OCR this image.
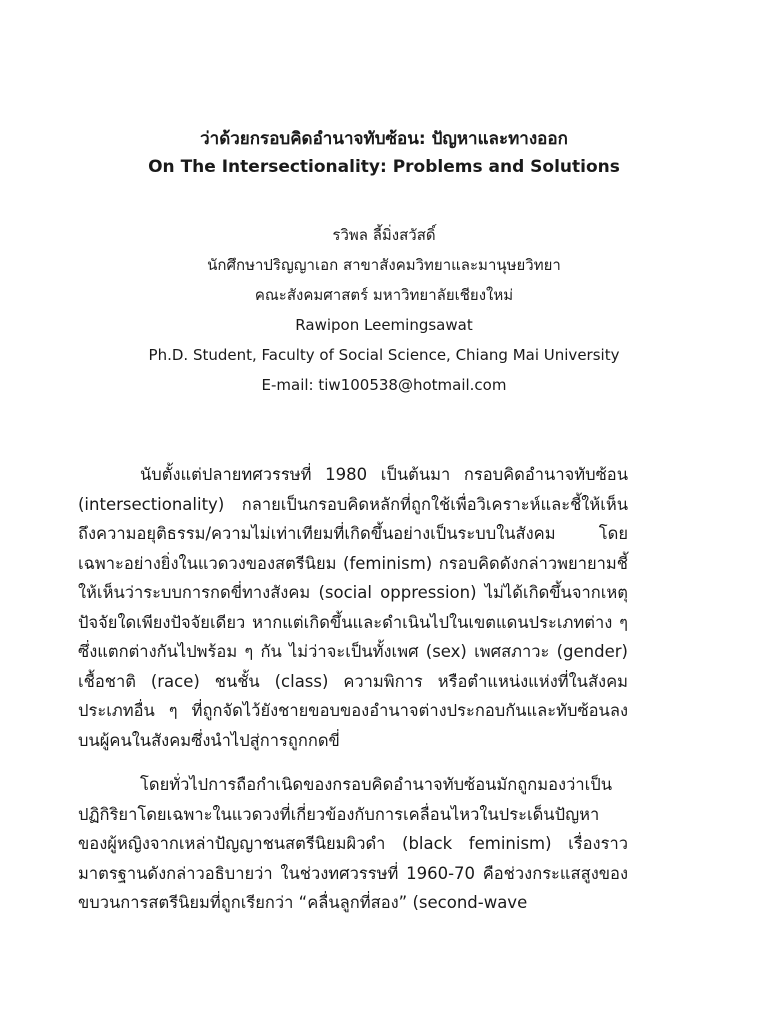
ว่าด้วยกรอบคิดอำนาจทับซ้อน: ปัญหาและทางออก
On The Intersectionality: Problems and Solutions
รวิพล ลี้มิ่งสวัสดิ์
นักศึกษาปริญญาเอก สาขาสังคมวิทยาและมานุษยวิทยา
คณะสังคมศาสตร์ มหาวิทยาลัยเชียงใหม่
Rawipon Leemingsawat
Ph.D. Student, Faculty of Social Science, Chiang Mai University
E-mail: tiw100538@hotmail.com

นับตั้งแต่ปลายทศวรรษที่ 1980 เป็นต้นมา กรอบคิดอำนาจทับซ้อน (intersectionality) กลายเป็นกรอบคิดหลักที่ถูกใช้เพื่อวิเคราะห์และชี้ให้เห็นถึงความอยุติธรรม/ความไม่เท่าเทียมที่เกิดขึ้นอย่างเป็นระบบในสังคม โดยเฉพาะอย่างยิ่งในแวดวงของสตรีนิยม (feminism) กรอบคิดดังกล่าวพยายามชี้ให้เห็นว่าระบบการกดขี่ทางสังคม (social oppression) ไม่ได้เกิดขึ้นจากเหตุปัจจัยใดเพียงปัจจัยเดียว หากแต่เกิดขึ้นและดำเนินไปในเขตแดนประเภทต่าง ๆ ซึ่งแตกต่างกันไปพร้อม ๆ กัน ไม่ว่าจะเป็นทั้งเพศ (sex) เพศสภาวะ (gender) เชื้อชาติ (race) ชนชั้น (class) ความพิการ หรือตำแหน่งแห่งที่ในสังคมประเภทอื่น ๆ ที่ถูกจัดไว้ยังชายขอบของอำนาจต่างประกอบกันและทับซ้อนลงบนผู้คนในสังคมซึ่งนำไปสู่การถูกกดขี่

โดยทั่วไปการถือกำเนิดของกรอบคิดอำนาจทับซ้อนมักถูกมองว่าเป็นปฏิกิริยาโดยเฉพาะในแวดวงที่เกี่ยวข้องกับการเคลื่อนไหวในประเด็นปัญหาของผู้หญิงจากเหล่าปัญญาชนสตรีนิยมผิวดำ (black feminism) เรื่องราวมาตรฐานดังกล่าวอธิบายว่า ในช่วงทศวรรษที่ 1960-70 คือช่วงกระแสสูงของขบวนการสตรีนิยมที่ถูกเรียกว่า “คลื่นลูกที่สอง” (second-wave
